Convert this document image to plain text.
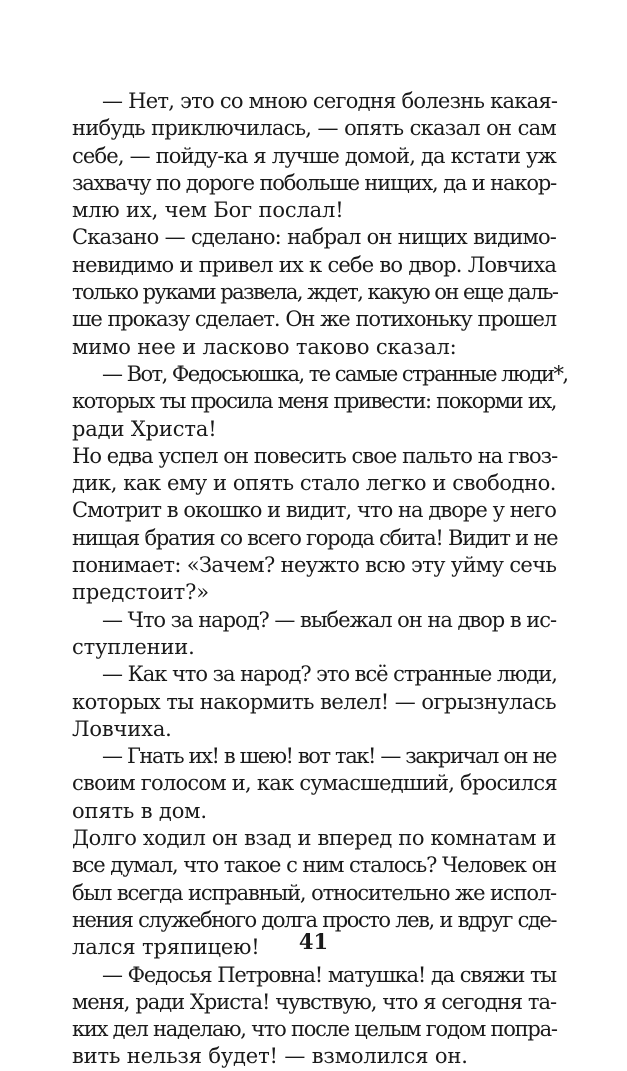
— Нет, это со мною сегодня болезнь какая-
нибудь приключилась, — опять сказал он сам
себе, — пойду-ка я лучше домой, да кстати уж
захвачу по дороге побольше нищих, да и накор-
млю их, чем Бог послал!
Сказано — сделано: набрал он нищих видимо-
невидимо и привел их к себе во двор. Ловчиха
только руками развела, ждет, какую он еще даль-
ше проказу сделает. Он же потихоньку прошел
мимо нее и ласково таково сказал:
— Вот, Федосьюшка, те самые странные люди*,
которых ты просила меня привести: покорми их,
ради Христа!
Но едва успел он повесить свое пальто на гвоз-
дик, как ему и опять стало легко и свободно.
Смотрит в окошко и видит, что на дворе у него
нищая братия со всего города сбита! Видит и не
понимает: «Зачем? неужто всю эту уйму сечь
предстоит?»
— Что за народ? — выбежал он на двор в ис-
ступлении.
— Как что за народ? это всё странные люди,
которых ты накормить велел! — огрызнулась
Ловчиха.
— Гнать их! в шею! вот так! — закричал он не
своим голосом и, как сумасшедший, бросился
опять в дом.
Долго ходил он взад и вперед по комнатам и
все думал, что такое с ним сталось? Человек он
был всегда исправный, относительно же испол-
нения служебного долга просто лев, и вдруг сде-
лался тряпицею!
— Федосья Петровна! матушка! да свяжи ты
меня, ради Христа! чувствую, что я сегодня та-
ких дел наделаю, что после целым годом попра-
вить нельзя будет! — взмолился он.
41
